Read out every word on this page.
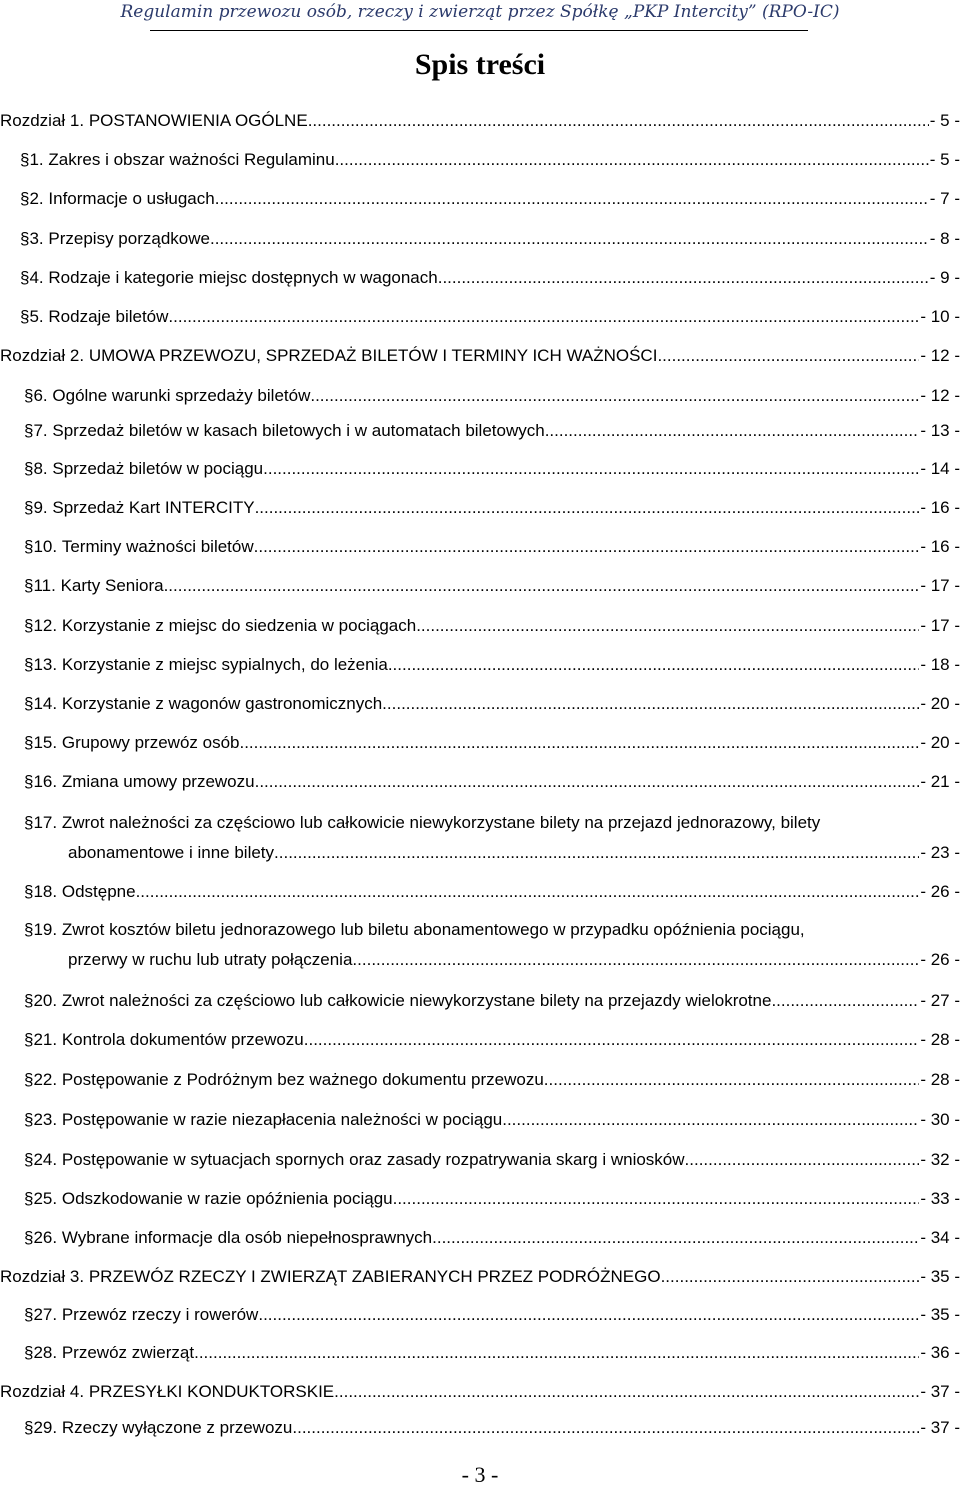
Regulamin przewozu osób, rzeczy i zwierząt przez Spółkę „PKP Intercity” (RPO-IC)
Spis treści
Rozdział 1.
POSTANOWIENIA OGÓLNE .....	- 5 -
§ 1.
Zakres i obszar ważności Regulaminu .....	- 5 -
§ 2.
Informacje o usługach .....	- 7 -
§ 3.
Przepisy porządkowe .....	- 8 -
§ 4.
Rodzaje i kategorie miejsc dostępnych w wagonach .....	- 9 -
§ 5.
Rodzaje biletów .....	- 10 -
Rozdział 2.
UMOWA PRZEWOZU, SPRZEDAŻ BILETÓW I TERMINY ICH WAŻNOŚCI .....	- 12 -
§ 6.
Ogólne warunki sprzedaży biletów .....	- 12 -
§ 7.
Sprzedaż biletów w kasach biletowych i w automatach biletowych .....	- 13 -
§ 8.
Sprzedaż biletów w pociągu .....	- 14 -
§ 9.
Sprzedaż Kart INTERCITY .....	- 16 -
§ 10.
Terminy ważności biletów .....	- 16 -
§ 11.
Karty Seniora .....	- 17 -
§ 12.
Korzystanie z miejsc do siedzenia w pociągach .....	- 17 -
§ 13.
Korzystanie z miejsc sypialnych, do leżenia .....	- 18 -
§ 14.
Korzystanie z wagonów gastronomicznych .....	- 20 -
§ 15.
Grupowy przewóz osób .....	- 20 -
§ 16.
Zmiana umowy przewozu .....	- 21 -
§ 17.
Zwrot należności za częściowo lub całkowicie niewykorzystane bilety na przejazd jednorazowy, bilety
abonamentowe i inne bilety .....	- 23 -
§ 18.
Odstępne .....	- 26 -
§ 19.
Zwrot kosztów biletu jednorazowego lub biletu abonamentowego w przypadku opóźnienia pociągu,
przerwy w ruchu lub utraty połączenia .....	- 26 -
§ 20.
Zwrot należności za częściowo lub całkowicie niewykorzystane bilety na przejazdy wielokrotne .....	- 27 -
§ 21.
Kontrola dokumentów przewozu .....	- 28 -
§ 22.
Postępowanie z Podróżnym bez ważnego dokumentu przewozu .....	- 28 -
§ 23.
Postępowanie w razie niezapłacenia należności w pociągu .....	- 30 -
§ 24.
Postępowanie w sytuacjach spornych oraz zasady rozpatrywania skarg i wniosków .....	- 32 -
§ 25.
Odszkodowanie w razie opóźnienia pociągu .....	- 33 -
§ 26.
Wybrane informacje dla osób niepełnosprawnych .....	- 34 -
Rozdział 3.
PRZEWÓZ RZECZY I ZWIERZĄT ZABIERANYCH PRZEZ PODRÓŻNEGO .....	- 35 -
§ 27.
Przewóz rzeczy i rowerów .....	- 35 -
§ 28.
Przewóz zwierząt .....	- 36 -
Rozdział 4.
PRZESYŁKI KONDUKTORSKIE .....	- 37 -
§ 29.
Rzeczy wyłączone z przewozu .....	- 37 -
- 3 -
